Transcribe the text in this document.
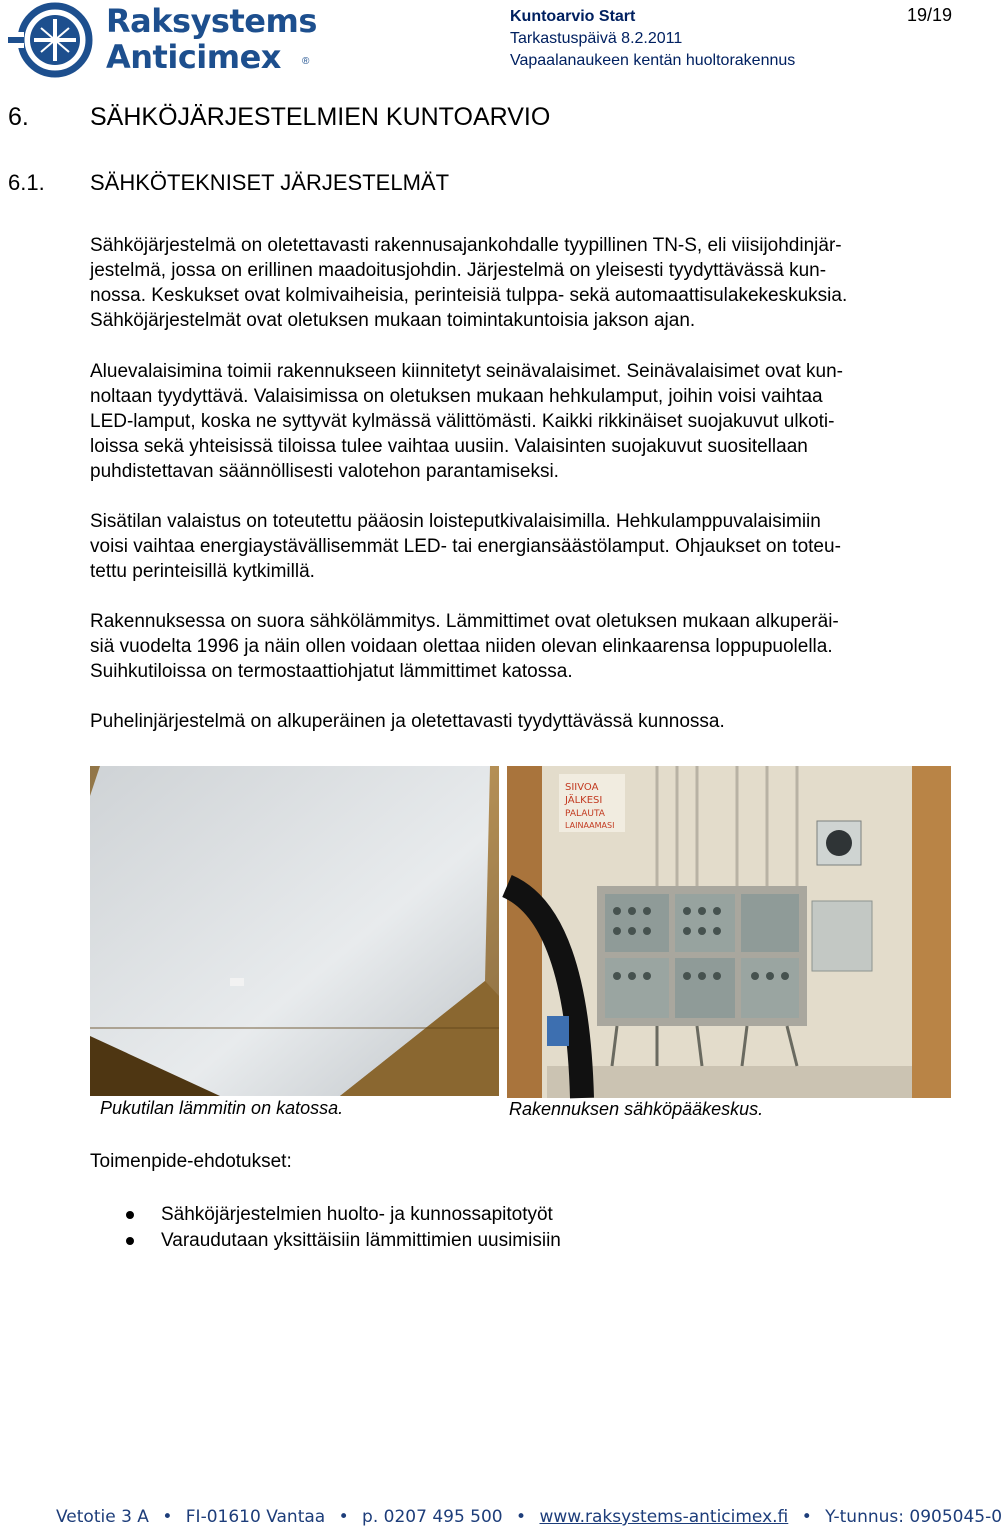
Raksystems
Anticimex ®
Kuntoarvio Start
Tarkastuspäivä 8.2.2011
Vapaalanaukeen kentän huoltorakennus
19/19
6. SÄHKÖJÄRJESTELMIEN KUNTOARVIO
6.1. SÄHKÖTEKNISET JÄRJESTELMÄT

Sähköjärjestelmä on oletettavasti rakennusajankohdalle tyypillinen TN-S, eli viisijohdinjär-

jestelmä, jossa on erillinen maadoitusjohdin. Järjestelmä on yleisesti tyydyttävässä kun-

nossa. Keskukset ovat kolmivaiheisia, perinteisiä tulppa- sekä automaattisulakekeskuksia.

Sähköjärjestelmät ovat oletuksen mukaan toimintakuntoisia jakson ajan.

Aluevalaisimina toimii rakennukseen kiinnitetyt seinävalaisimet. Seinävalaisimet ovat kun-

noltaan tyydyttävä. Valaisimissa on oletuksen mukaan hehkulamput, joihin voisi vaihtaa

LED-lamput, koska ne syttyvät kylmässä välittömästi. Kaikki rikkinäiset suojakuvut ulkoti-

loissa sekä yhteisissä tiloissa tulee vaihtaa uusiin. Valaisinten suojakuvut suositellaan

puhdistettavan säännöllisesti valotehon parantamiseksi.

Sisätilan valaistus on toteutettu pääosin loisteputkivalaisimilla. Hehkulamppuvalaisimiin

voisi vaihtaa energiaystävällisemmät LED- tai energiansäästölamput. Ohjaukset on toteu-

tettu perinteisillä kytkimillä.

Rakennuksessa on suora sähkölämmitys. Lämmittimet ovat oletuksen mukaan alkuperäi-

siä vuodelta 1996 ja näin ollen voidaan olettaa niiden olevan elinkaarensa loppupuolella.

Suihkutiloissa on termostaattiohjatut lämmittimet katossa.

Puhelinjärjestelmä on alkuperäinen ja oletettavasti tyydyttävässä kunnossa.

Pukutilan lämmitin on katossa.
SIIVOA
JÄLKESI
PALAUTA
LAINAAMASI
Rakennuksen sähköpääkeskus.
Toimenpide-ehdotukset:
Sähköjärjestelmien huolto- ja kunnossapitotyöt
Varaudutaan yksittäisiin lämmittimien uusimisiin
Vetotie 3 A • FI-01610 Vantaa • p. 0207 495 500 • www.raksystems-anticimex.fi • Y-tunnus: 0905045-0
